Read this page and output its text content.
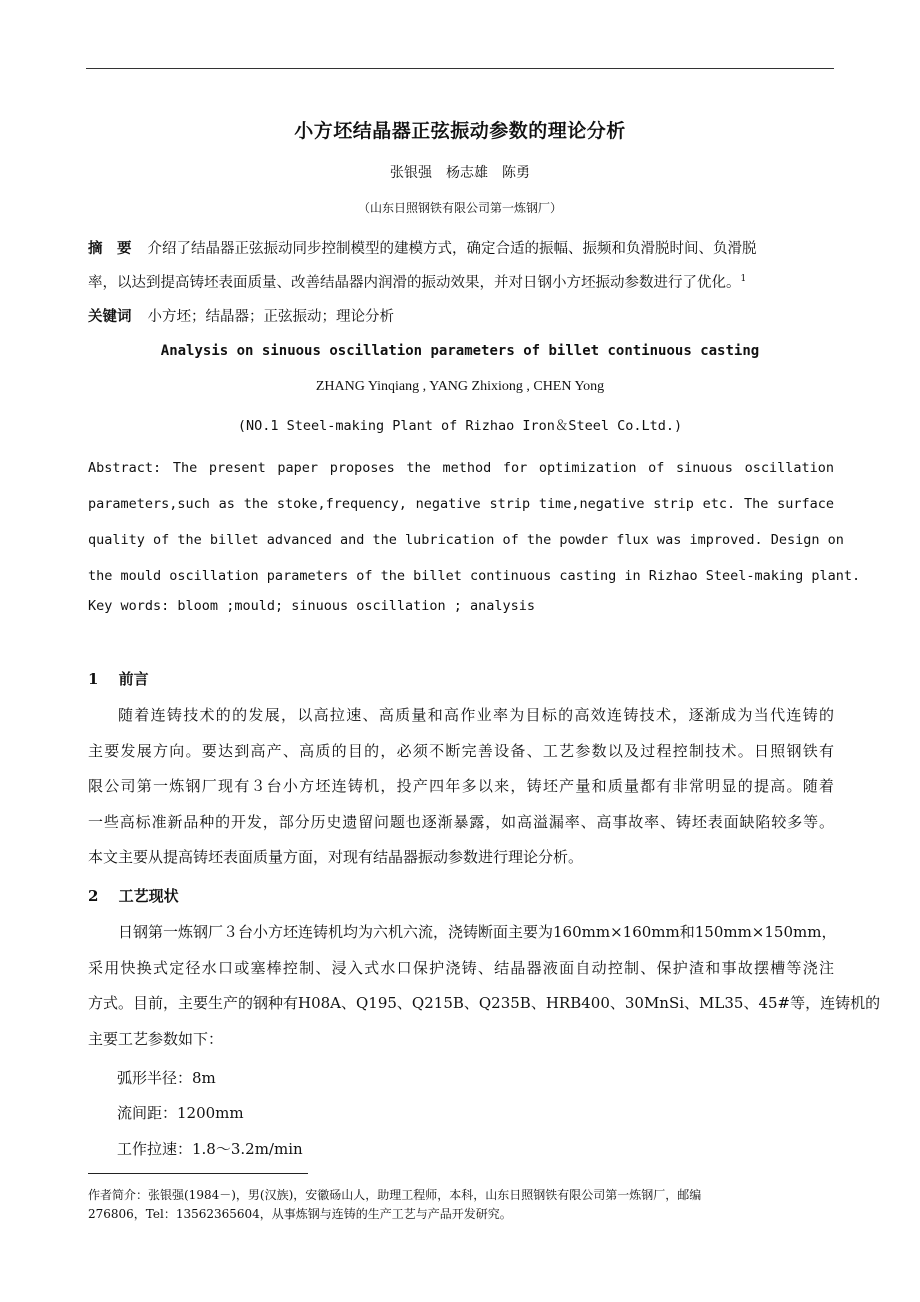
小方坯结晶器正弦振动参数的理论分析
张银强　杨志雄　陈勇
（山东日照钢铁有限公司第一炼钢厂）
摘　要 介绍了结晶器正弦振动同步控制模型的建模方式，确定合适的振幅、振频和负滑脱时间、负滑脱
率，以达到提高铸坯表面质量、改善结晶器内润滑的振动效果，并对日钢小方坯振动参数进行了优化。$^1$
关键词 小方坯；结晶器；正弦振动；理论分析
Analysis on sinuous oscillation parameters of billet continuous casting
ZHANG Yinqiang , YANG Zhixiong , CHEN Yong
(NO.1 Steel-making Plant of Rizhao Iron＆Steel Co.Ltd.)
Abstract: The present paper proposes the method for optimization of sinuous oscillation
parameters,such as the stoke,frequency, negative strip time,negative strip etc. The surface
quality of the billet advanced and the lubrication of the powder flux was improved. Design on
the mould oscillation parameters of the billet continuous casting in Rizhao Steel-making plant.
Key words: bloom ;mould; sinuous oscillation ; analysis
1　 前言
随着连铸技术的的发展，以高拉速、高质量和高作业率为目标的高效连铸技术，逐渐成为当代连铸的
主要发展方向。要达到高产、高质的目的，必须不断完善设备、工艺参数以及过程控制技术。日照钢铁有
限公司第一炼钢厂现有３台小方坯连铸机，投产四年多以来，铸坯产量和质量都有非常明显的提高。随着
一些高标准新品种的开发，部分历史遗留问题也逐渐暴露，如高溢漏率、高事故率、铸坯表面缺陷较多等。
本文主要从提高铸坯表面质量方面，对现有结晶器振动参数进行理论分析。
2　 工艺现状
日钢第一炼钢厂３台小方坯连铸机均为六机六流，浇铸断面主要为160mm×160mm和150mm×150mm，
采用快换式定径水口或塞棒控制、浸入式水口保护浇铸、结晶器液面自动控制、保护渣和事故摆槽等浇注
方式。目前，主要生产的钢种有H08A、Q195、Q215B、Q235B、HRB400、30MnSi、ML35、45#等，连铸机的
主要工艺参数如下：
弧形半径：8m
流间距：1200mm
工作拉速：1.8～3.2m/min
作者简介：张银强(1984－)，男(汉族)，安徽砀山人，助理工程师，本科，山东日照钢铁有限公司第一炼钢厂，邮编
276806，Tel：13562365604，从事炼钢与连铸的生产工艺与产品开发研究。
